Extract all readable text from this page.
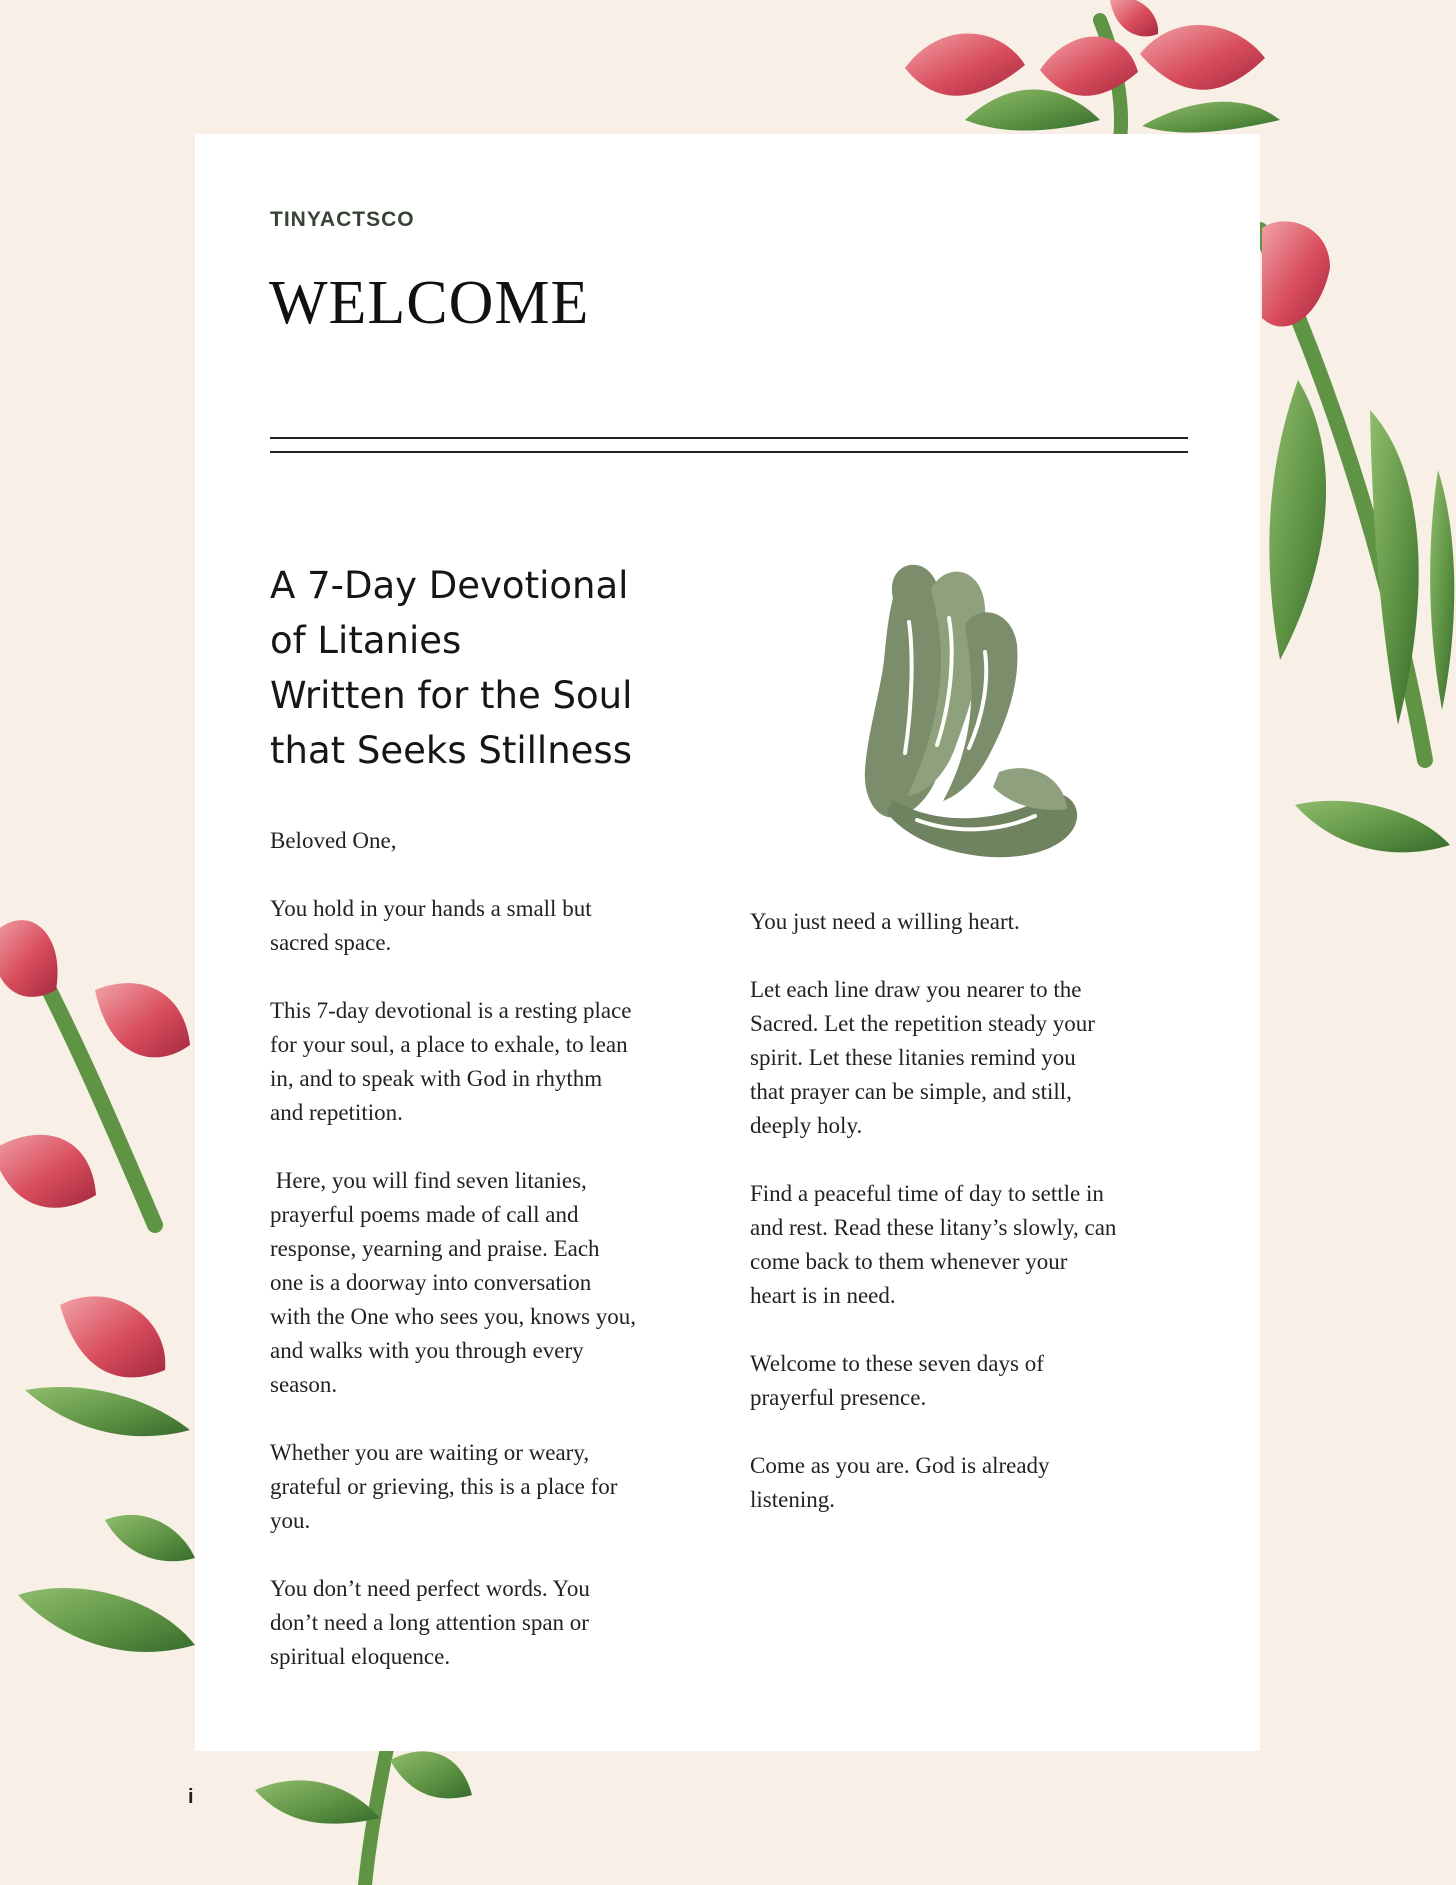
TINYACTSCO
WELCOME
A 7-Day Devotional
of Litanies
Written for the Soul
that Seeks Stillness

Beloved One,

You hold in your hands a small but
sacred space.

This 7-day devotional is a resting place
for your soul, a place to exhale, to lean
in, and to speak with God in rhythm
and repetition.

Here, you will find seven litanies,
prayerful poems made of call and
response, yearning and praise. Each
one is a doorway into conversation
with the One who sees you, knows you,
and walks with you through every
season.

Whether you are waiting or weary,
grateful or grieving, this is a place for
you.

You don’t need perfect words. You
don’t need a long attention span or
spiritual eloquence.

You just need a willing heart.

Let each line draw you nearer to the
Sacred. Let the repetition steady your
spirit. Let these litanies remind you
that prayer can be simple, and still,
deeply holy.

Find a peaceful time of day to settle in
and rest. Read these litany’s slowly, can
come back to them whenever your
heart is in need.

Welcome to these seven days of
prayerful presence.

Come as you are. God is already
listening.

i
